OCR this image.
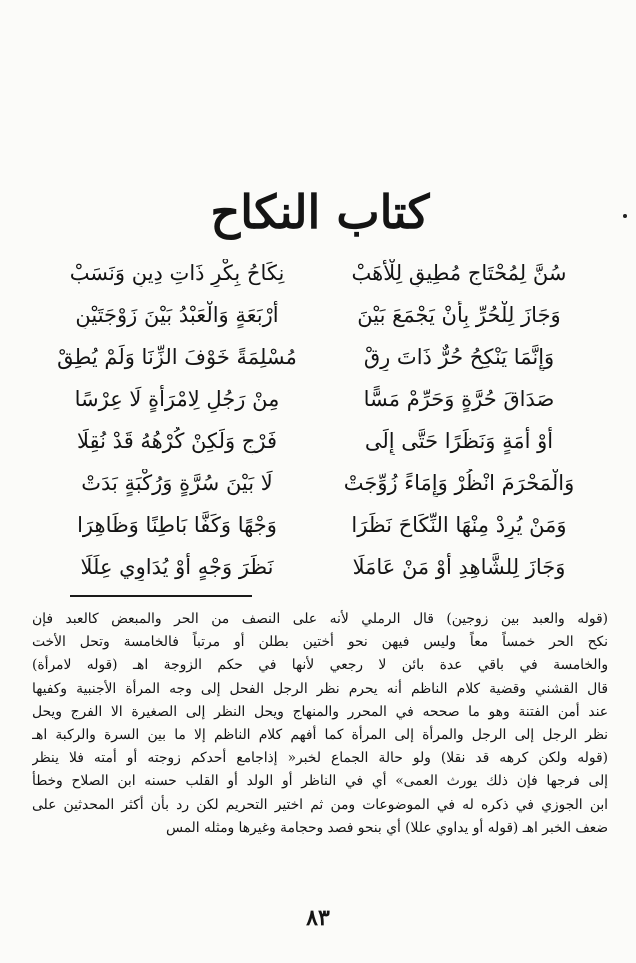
كتاب النكاح
سُنَّ لِمُحْتَاجٍ مُطِيقٍ لِلْأُهَبْ
نِكَاحُ بِكْرٍ ذَاتِ دِينٍ وَنَسَبْ
وَجَازَ لِلْحُرِّ بِأَنْ يَجْمَعَ بَيْنَ
أَرْبَعَةٍ وَالْعَبْدُ بَيْنَ زَوْجَتَيْنِ
وَإِنَّمَا يَنْكِحُ حُرٌّ ذَاتَ رِقْ
مُسْلِمَةً خَوْفَ الزِّنَا وَلَمْ يُطِقْ
صَدَاقَ حُرَّةٍ وَحَرِّمْ مَسًّا
مِنْ رَجُلٍ لِامْرَأَةٍ لَا عِرْسًا
أَوْ أَمَةٍ وَنَظَرًا حَتَّى إِلَى
فَرْجٍ وَلَكِنْ كُرْهُهُ قَدْ نُقِلَا
وَالْمَحْرَمَ انْظُرْ وَإِمَاءً زُوِّجَتْ
لَا بَيْنَ سُرَّةٍ وَرُكْبَةٍ بَدَتْ
وَمَنْ يُرِدْ مِنْهَا النِّكَاحَ نَظَرَا
وَجْهًا وَكَفًّا بَاطِنًا وَظَاهِرَا
وَجَازَ لِلشَّاهِدِ أَوْ مَنْ عَامَلَا
نَظَرَ وَجْهٍ أَوْ يُدَاوِي عِلَلَا
(قوله والعبد بين زوجين) قال الرملي لأنه على النصف من الحر والمبعض كالعبد فإن
نكح الحر خمساً معاً وليس فيهن نحو أختين بطلن أو مرتباً فالخامسة وتحل الأخت
والخامسة في باقي عدة بائن لا رجعي لأنها في حكم الزوجة اهـ (قوله لامرأة)
قال القشني وقضية كلام الناظم أنه يحرم نظر الرجل الفحل إلى وجه المرأة الأجنبية وكفيها
عند أمن الفتنة وهو ما صححه في المحرر والمنهاج ويحل النظر إلى الصغيرة الا الفرج ويحل
نظر الرجل إلى الرجل والمرأة إلى المرأة كما أفهم كلام الناظم إلا ما بين السرة والركبة اهـ
(قوله ولكن كرهه قد نقلا) ولو حالة الجماع لخبر« إذاجامع أحدكم زوجته أو أمته فلا ينظر
إلى فرجها فإن ذلك يورث العمى» أي في الناظر أو الولد أو القلب حسنه ابن الصلاح وخطأ
ابن الجوزي في ذكره له في الموضوعات ومن ثم اختير التحريم لكن رد بأن أكثر المحدثين على
ضعف الخبر اهـ (قوله أو يداوي عللا) أي بنحو فصد وحجامة وغيرها ومثله المس
٨٣
